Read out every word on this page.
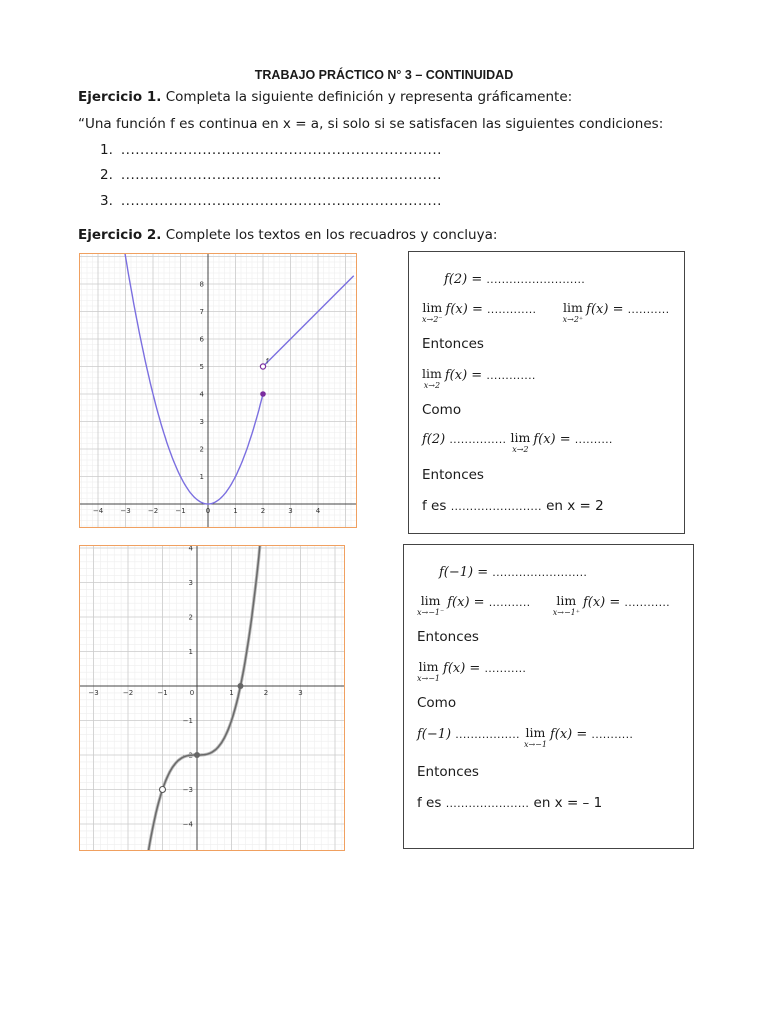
TRABAJO PRÁCTICO N° 3 – CONTINUIDAD
Ejercicio 1. Completa la siguiente definición y representa gráficamente:
“Una función f es continua en x = a, si solo si se satisfacen las siguientes condiciones:
1. ...................................................................
2. ...................................................................
3. ...................................................................
Ejercicio 2. Complete los textos en los recuadros y concluya:
−4 −3 −2 −1	0	1	2	3	4
1
2
3
4
5
6
7
8
f
f(2) = ..........................
lim
x→2⁻
f(x) = ............. lim
x→2⁺
f(x) = ...........
Entonces
lim
x→2
f(x) = .............
Como
f(2) ............... lim
x→2
f(x) = ..........
Entonces
f es ........................ en x = 2
−3	−2	−1	0	1	2	3
4
3
2
1
−1
−2
−3
−4
f(−1) = .........................
lim
x→−1⁻
f(x) = ........... lim
x→−1⁺
f(x) = ............
Entonces
lim
x→−1
f(x) = ...........
Como
f(−1) ................. lim
x→−1
f(x) = ...........
Entonces
f es ...................... en x = – 1
